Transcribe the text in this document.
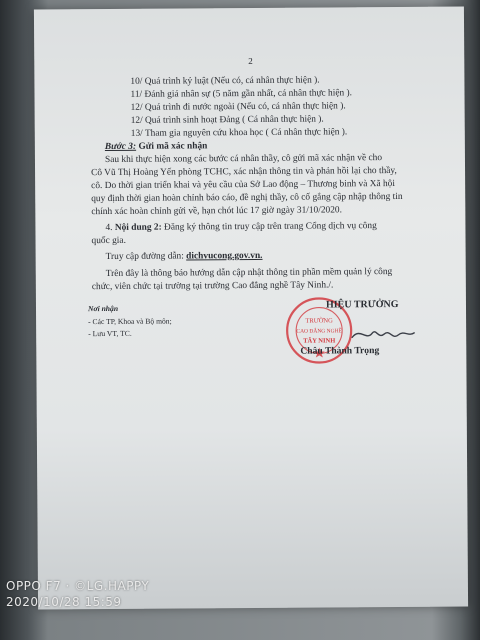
2
10/ Quá trình kỷ luật (Nếu có, cá nhân thực hiện ).
11/ Đánh giá nhân sự (5 năm gần nhất, cá nhân thực hiện ).
12/ Quá trình đi nước ngoài (Nếu có, cá nhân thực hiện ).
12/ Quá trình sinh hoạt Đảng ( Cá nhân thực hiện ).
13/ Tham gia nguyên cứu khoa học ( Cá nhân thực hiện ).
Bước 3: Gửi mã xác nhận
Sau khi thực hiện xong các bước cá nhân thầy, cô gửi mã xác nhận về cho
Cô Vũ Thị Hoàng Yến phòng TCHC, xác nhận thông tin và phản hồi lại cho thầy,
cô. Do thời gian triển khai và yêu cầu của Sở Lao động – Thương binh và Xã hội
quy định thời gian hoàn chỉnh báo cáo, đề nghị thầy, cô cố gắng cập nhập thông tin
chính xác hoàn chỉnh gửi về, hạn chót lúc 17 giờ ngày 31/10/2020.
4. Nội dung 2: Đăng ký thông tin truy cập trên trang Cổng dịch vụ công
quốc gia.
Truy cập đường dẫn: dichvucong.gov.vn.
Trên đây là thông báo hướng dẫn cập nhật thông tin phần mềm quản lý công
chức, viên chức tại trường tại trường Cao đẳng nghề Tây Ninh./.
Nơi nhận
- Các TP, Khoa và Bộ môn;
- Lưu VT, TC.
TRƯỜNG
CAO ĐẲNG NGHỀ
TÂY NINH
HIỆU TRƯỞNG
Châu Thành Trọng
OPPO F7 · ©LG.HAPPY
2020/10/28 15:59
